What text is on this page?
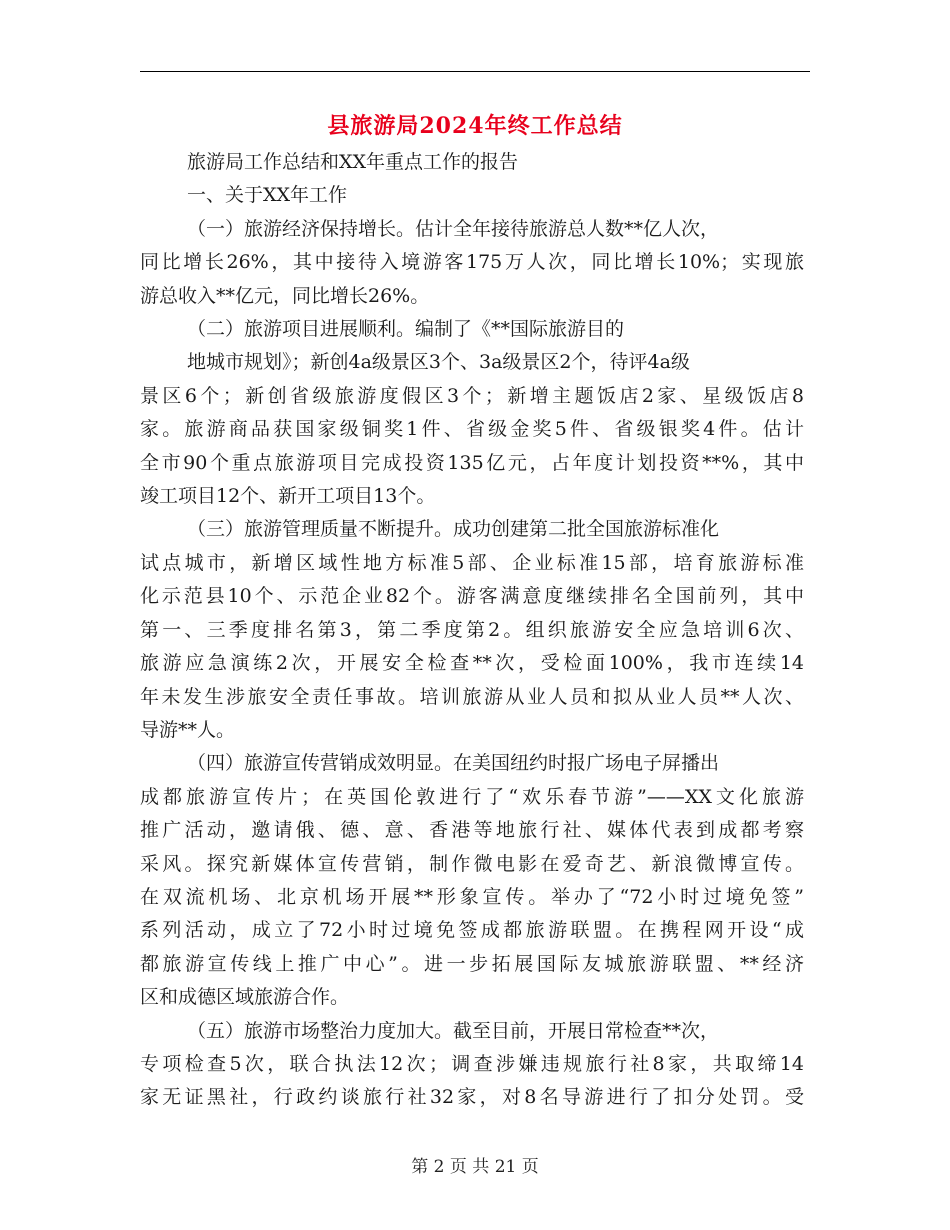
县旅游局2024年终工作总结

旅游局工作总结和XX年重点工作的报告

一、关于XX年工作

（一）旅游经济保持增长。估计全年接待旅游总人数**亿人次，

同比增长26%，其中接待入境游客175万人次，同比增长10%；实现旅

游总收入**亿元，同比增长26%。

（二）旅游项目进展顺利。编制了《**国际旅游目的

地城市规划》；新创4a级景区3个、3a级景区2个，待评4a级

景区6个；新创省级旅游度假区3个；新增主题饭店2家、星级饭店8

家。旅游商品获国家级铜奖1件、省级金奖5件、省级银奖4件。估计

全市90个重点旅游项目完成投资135亿元，占年度计划投资**%，其中

竣工项目12个、新开工项目13个。

（三）旅游管理质量不断提升。成功创建第二批全国旅游标准化

试点城市，新增区域性地方标准5部、企业标准15部，培育旅游标准

化示范县10个、示范企业82个。游客满意度继续排名全国前列，其中

第一、三季度排名第3，第二季度第2。组织旅游安全应急培训6次、

旅游应急演练2次，开展安全检查**次，受检面100%，我市连续14

年未发生涉旅安全责任事故。培训旅游从业人员和拟从业人员**人次、

导游**人。

（四）旅游宣传营销成效明显。在美国纽约时报广场电子屏播出

成都旅游宣传片；在英国伦敦进行了“欢乐春节游”——XX文化旅游

推广活动，邀请俄、德、意、香港等地旅行社、媒体代表到成都考察

采风。探究新媒体宣传营销，制作微电影在爱奇艺、新浪微博宣传。

在双流机场、北京机场开展**形象宣传。举办了“72小时过境免签”

系列活动，成立了72小时过境免签成都旅游联盟。在携程网开设“成

都旅游宣传线上推广中心”。进一步拓展国际友城旅游联盟、**经济

区和成德区域旅游合作。

（五）旅游市场整治力度加大。截至目前，开展日常检查**次，

专项检查5次，联合执法12次；调查涉嫌违规旅行社8家，共取缔14

家无证黑社，行政约谈旅行社32家，对8名导游进行了扣分处罚。受

第 2 页 共 21 页
